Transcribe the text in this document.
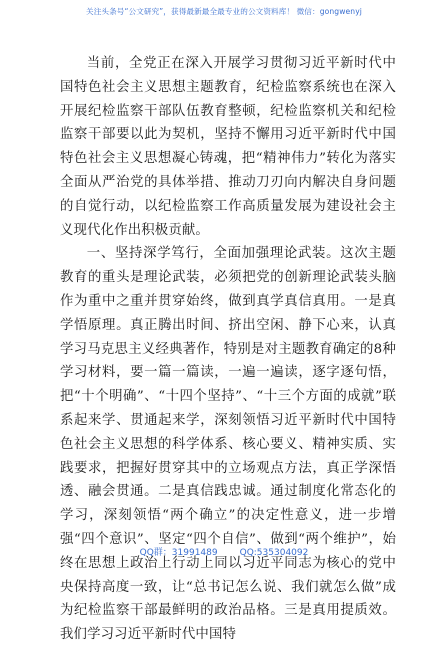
关注头条号“公文研究”，获得最新最全最专业的公文资料库！ 微信：gongwenyj

当前，全党正在深入开展学习贯彻习近平新时代中国特色社会主义思想主题教育，纪检监察系统也在深入开展纪检监察干部队伍教育整顿，纪检监察机关和纪检监察干部要以此为契机，坚持不懈用习近平新时代中国特色社会主义思想凝心铸魂，把“精神伟力”转化为落实全面从严治党的具体举措、推动刀刃向内解决自身问题的自觉行动，以纪检监察工作高质量发展为建设社会主义现代化作出积极贡献。

一、坚持深学笃行，全面加强理论武装。这次主题教育的重头是理论武装，必须把党的创新理论武装头脑作为重中之重并贯穿始终，做到真学真信真用。一是真学悟原理。真正腾出时间、挤出空闲、静下心来，认真学习马克思主义经典著作，特别是对主题教育确定的8种学习材料，要一篇一篇读，一遍一遍读，逐字逐句悟，把“十个明确”、“十四个坚持”、“十三个方面的成就”联系起来学、贯通起来学，深刻领悟习近平新时代中国特色社会主义思想的科学体系、核心要义、精神实质、实践要求，把握好贯穿其中的立场观点方法，真正学深悟透、融会贯通。二是真信践忠诚。通过制度化常态化的学习，深刻领悟“两个确立”的决定性意义，进一步增强“四个意识”、坚定“四个自信”、做到“两个维护”，始终在思想上政治上行动上同以习近平同志为核心的党中央保持高度一致，让“总书记怎么说、我们就怎么做”成为纪检监察干部最鲜明的政治品格。三是真用提质效。我们学习习近平新时代中国特

QQ群：31991489 QQ:535304092
